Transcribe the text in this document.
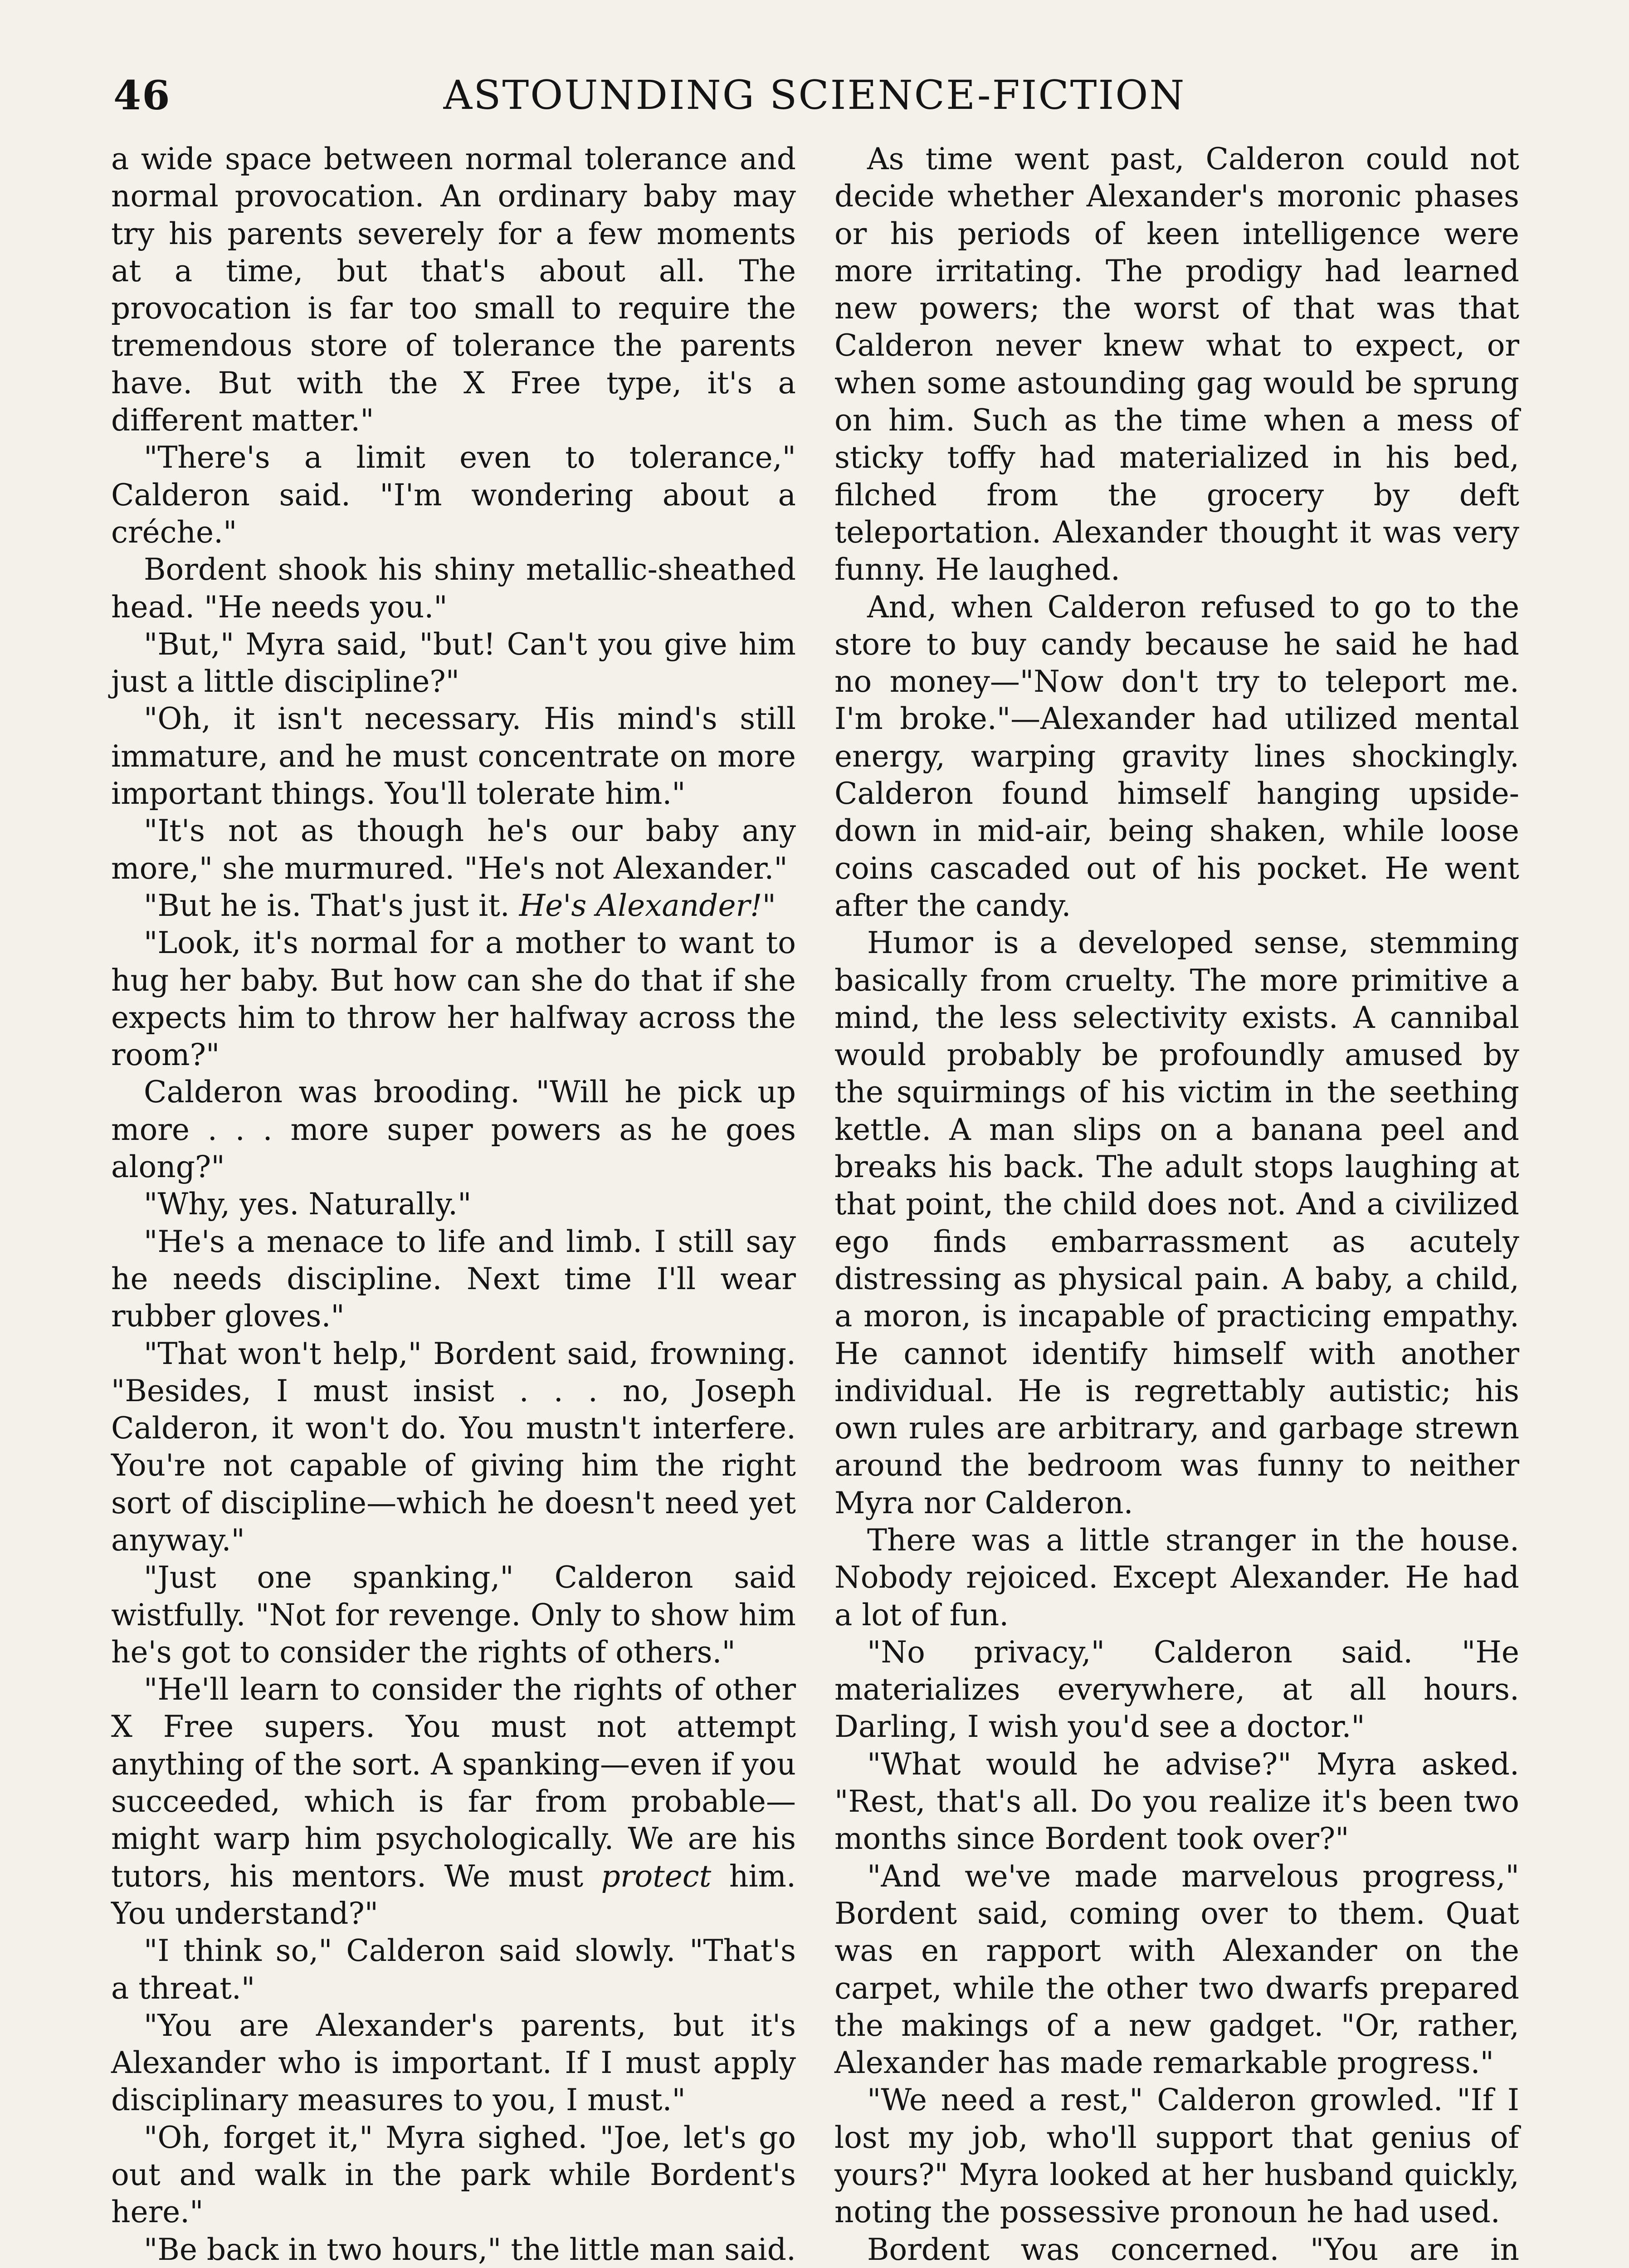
46	ASTOUNDING SCIENCE-FICTION

a wide space between normal tolerance and normal provocation. An ordinary baby may try his parents severely for a few moments at a time, but that's about all. The provocation is far too small to require the tremendous store of tolerance the parents have. But with the X Free type, it's a different matter."

"There's a limit even to tolerance," Calderon said. "I'm wondering about a créche."

Bordent shook his shiny metallic-sheathed head. "He needs you."

"But," Myra said, "but! Can't you give him just a little discipline?"

"Oh, it isn't necessary. His mind's still immature, and he must concentrate on more important things. You'll tolerate him."

"It's not as though he's our baby any more," she murmured. "He's not Alexander."

"But he is. That's just it. He's Alexander!"

"Look, it's normal for a mother to want to hug her baby. But how can she do that if she expects him to throw her halfway across the room?"

Calderon was brooding. "Will he pick up more . . . more super powers as he goes along?"

"Why, yes. Naturally."

"He's a menace to life and limb. I still say he needs discipline. Next time I'll wear rubber gloves."

"That won't help," Bordent said, frowning. "Besides, I must insist . . . no, Joseph Calderon, it won't do. You mustn't interfere. You're not capable of giving him the right sort of discipline—which he doesn't need yet anyway."

"Just one spanking," Calderon said wistfully. "Not for revenge. Only to show him he's got to consider the rights of others."

"He'll learn to consider the rights of other X Free supers. You must not attempt anything of the sort. A spanking—even if you succeeded, which is far from probable—might warp him psychologically. We are his tutors, his mentors. We must protect him. You understand?"

"I think so," Calderon said slowly. "That's a threat."

"You are Alexander's parents, but it's Alexander who is important. If I must apply disciplinary measures to you, I must."

"Oh, forget it," Myra sighed. "Joe, let's go out and walk in the park while Bordent's here."

"Be back in two hours," the little man said.

As time went past, Calderon could not decide whether Alexander's moronic phases or his periods of keen intelligence were more irritating. The prodigy had learned new powers; the worst of that was that Calderon never knew what to expect, or when some astounding gag would be sprung on him. Such as the time when a mess of sticky toffy had materialized in his bed, filched from the grocery by deft teleportation. Alexander thought it was very funny. He laughed.

And, when Calderon refused to go to the store to buy candy because he said he had no money—"Now don't try to teleport me. I'm broke."—Alexander had utilized mental energy, warping gravity lines shockingly. Calderon found himself hanging upside-down in mid-air, being shaken, while loose coins cascaded out of his pocket. He went after the candy.

Humor is a developed sense, stemming basically from cruelty. The more primitive a mind, the less selectivity exists. A cannibal would probably be profoundly amused by the squirmings of his victim in the seething kettle. A man slips on a banana peel and breaks his back. The adult stops laughing at that point, the child does not. And a civilized ego finds embarrassment as acutely distressing as physical pain. A baby, a child, a moron, is incapable of practicing empathy. He cannot identify himself with another individual. He is regrettably autistic; his own rules are arbitrary, and garbage strewn around the bedroom was funny to neither Myra nor Calderon.

There was a little stranger in the house. Nobody rejoiced. Except Alexander. He had a lot of fun.

"No privacy," Calderon said. "He materializes everywhere, at all hours. Darling, I wish you'd see a doctor."

"What would he advise?" Myra asked. "Rest, that's all. Do you realize it's been two months since Bordent took over?"

"And we've made marvelous progress," Bordent said, coming over to them. Quat was en rapport with Alexander on the carpet, while the other two dwarfs prepared the makings of a new gadget. "Or, rather, Alexander has made remarkable progress."

"We need a rest," Calderon growled. "If I lost my job, who'll support that genius of yours?" Myra looked at her husband quickly, noting the possessive pronoun he had used.

Bordent was concerned. "You are in
